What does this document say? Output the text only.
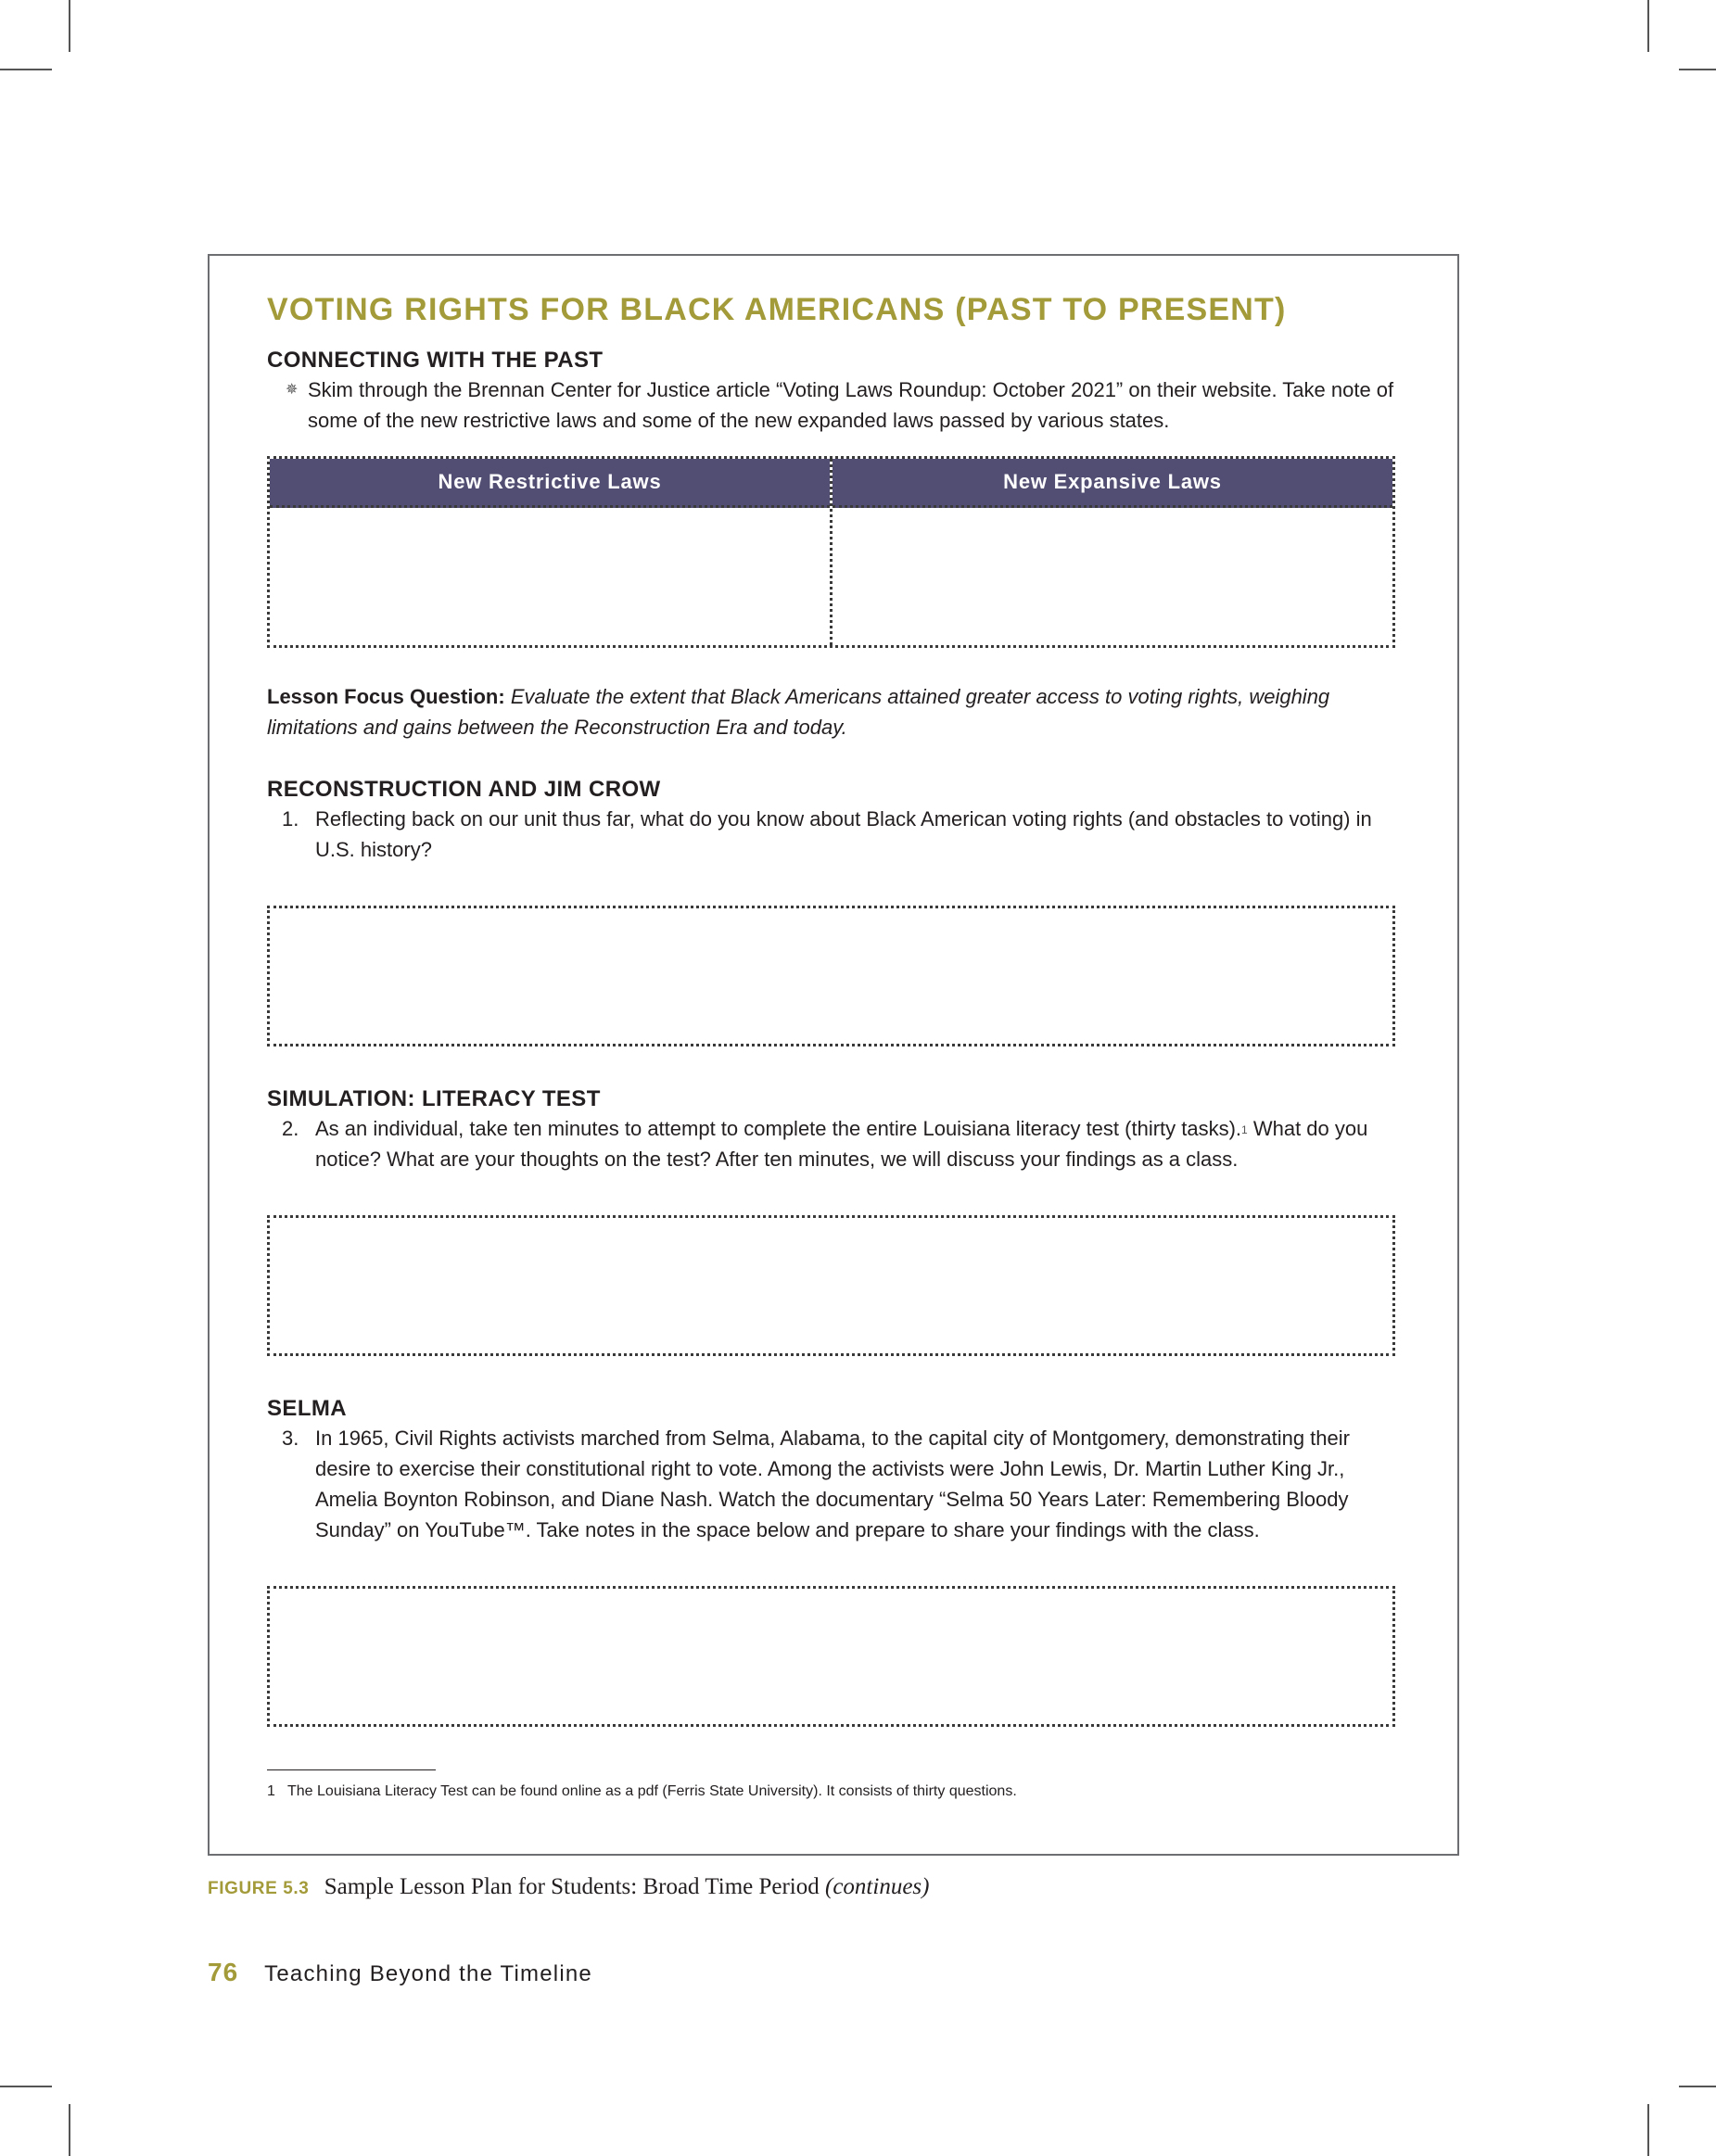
VOTING RIGHTS FOR BLACK AMERICANS (PAST TO PRESENT)
CONNECTING WITH THE PAST
✵ Skim through the Brennan Center for Justice article “Voting Laws Roundup: October 2021” on their website. Take note of some of the new restrictive laws and some of the new expanded laws passed by various states.
New Restrictive Laws	New Expansive Laws
Lesson Focus Question: Evaluate the extent that Black Americans attained greater access to voting rights, weighing limitations and gains between the Reconstruction Era and today.
RECONSTRUCTION AND JIM CROW
1. Reflecting back on our unit thus far, what do you know about Black American voting rights (and obstacles to voting) in U.S. history?
SIMULATION: LITERACY TEST
2. As an individual, take ten minutes to attempt to complete the entire Louisiana literacy test (thirty tasks).$^1$ What do you notice? What are your thoughts on the test? After ten minutes, we will discuss your findings as a class.
SELMA
3. In 1965, Civil Rights activists marched from Selma, Alabama, to the capital city of Montgomery, demonstrating their desire to exercise their constitutional right to vote. Among the activists were John Lewis, Dr. Martin Luther King Jr., Amelia Boynton Robinson, and Diane Nash. Watch the documentary “Selma 50 Years Later: Remembering Bloody Sunday” on YouTube™. Take notes in the space below and prepare to share your findings with the class.
1 The Louisiana Literacy Test can be found online as a pdf (Ferris State University). It consists of thirty questions.
FIGURE 5.3 Sample Lesson Plan for Students: Broad Time Period (continues)
76 Teaching Beyond the Timeline
